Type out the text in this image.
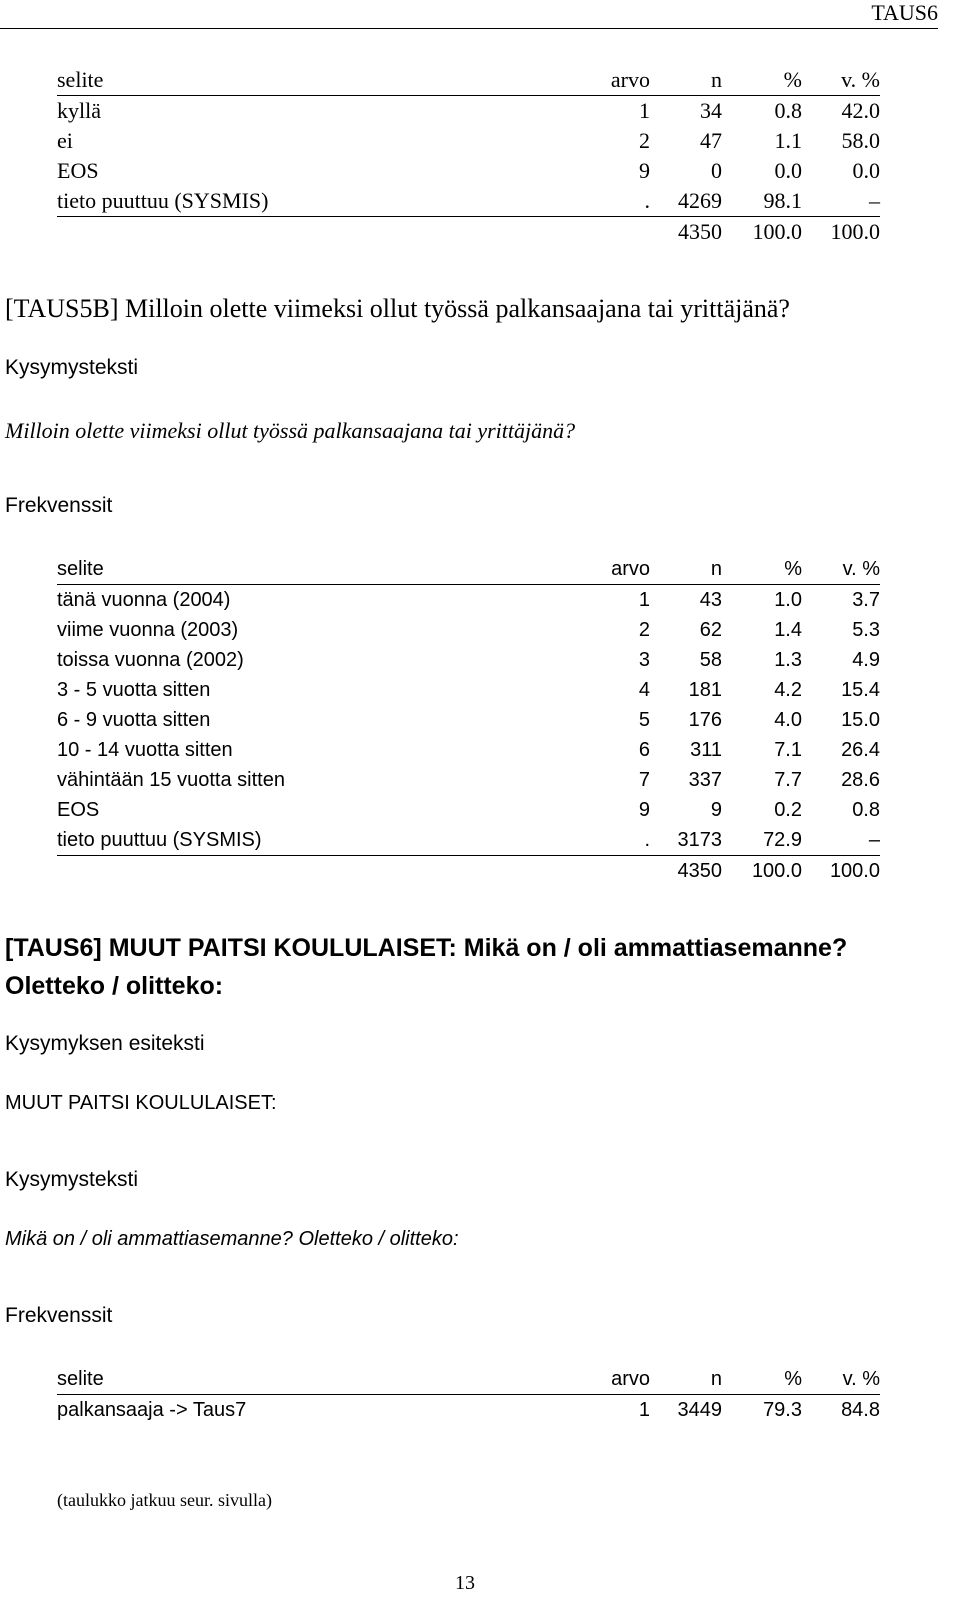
TAUS6
selite	arvo	n	%	v. %
kyllä	1	34	0.8	42.0
ei	2	47	1.1	58.0
EOS	9	0	0.0	0.0
tieto puuttuu (SYSMIS)	.	4269	98.1	–
		4350	100.0	100.0
[TAUS5B] Milloin olette viimeksi ollut työssä palkansaajana tai yrittäjänä?
Kysymysteksti
Milloin olette viimeksi ollut työssä palkansaajana tai yrittäjänä?
Frekvenssit
selite	arvo	n	%	v. %
tänä vuonna (2004)	1	43	1.0	3.7
viime vuonna (2003)	2	62	1.4	5.3
toissa vuonna (2002)	3	58	1.3	4.9
3 - 5 vuotta sitten	4	181	4.2	15.4
6 - 9 vuotta sitten	5	176	4.0	15.0
10 - 14 vuotta sitten	6	311	7.1	26.4
vähintään 15 vuotta sitten	7	337	7.7	28.6
EOS	9	9	0.2	0.8
tieto puuttuu (SYSMIS)	.	3173	72.9	–
		4350	100.0	100.0
[TAUS6] MUUT PAITSI KOULULAISET: Mikä on / oli ammattiasemanne? Oletteko / olitteko:
Kysymyksen esiteksti
MUUT PAITSI KOULULAISET:
Kysymysteksti
Mikä on / oli ammattiasemanne? Oletteko / olitteko:
Frekvenssit
selite	arvo	n	%	v. %
palkansaaja -> Taus7	1	3449	79.3	84.8
(taulukko jatkuu seur. sivulla)
13
